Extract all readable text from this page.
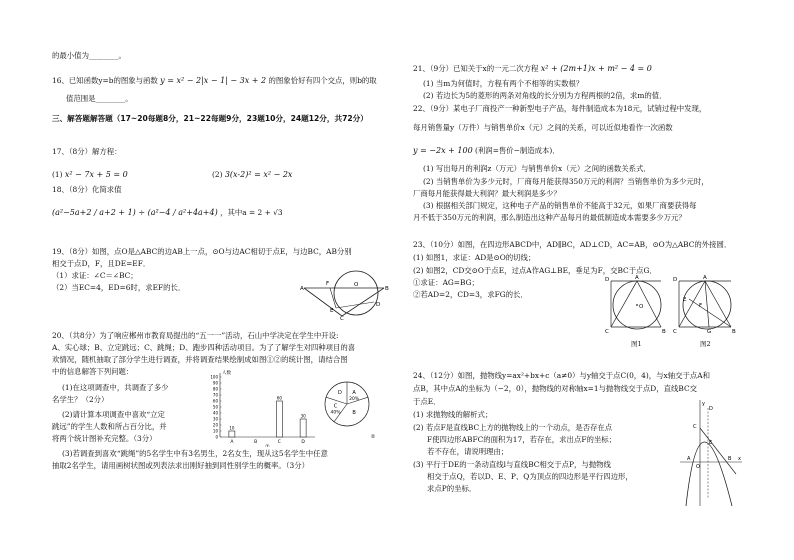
的最小值为________。
16、已知函数y=b的图象与函数 y = x² − 2|x − 1| − 3x + 2 的图象恰好有四个交点，则b的取
值范围是________。
三、解答题解答题（17~20每题8分，21~22每题9分，23题10分，24题12分，共72分）
17、（8分）解方程：
(1) x² − 7x + 5 = 0	(2) 3(x-2)² = x² − 2x
18、（8分）化简求值
(a²−5a+2 / a+2 + 1) ÷ (a²−4 / a²+4a+4) ，其中a = 2 + √3
19、（8分）如图，点O是△ABC的边AB上一点，⊙O与边AC相切于点E，与边BC，AB分别
相交于点D，F，且DE=EF．
（1）求证：∠C＝∠BC；
（2）当EC=4，ED=6时，求EF的长．	A
F	O
B
E
D
C
20、（共8分）为了响应郴州市教育局提出的“五一一”活动，石山中学决定在学生中开设:
A、实心球；B、立定跳远；C、跳绳；D、跑步四种活动项目。为了了解学生对四种项目的喜
欢情况，随机抽取了部分学生进行调查，并将调查结果绘制成如图①②的统计图，请结合图
中的信息解答下列问题：
(1)在这项调查中，共调查了多少
名学生？（2分）
(2)请计算本项调查中喜欢“立定
跳远”的学生人数和所占百分比，并
将两个统计图补充完整。（3分）
(3)若调查到喜欢“跳绳”的5名学生中有3名男生，2名女生，现从这5名学生中任意
抽取2名学生，请用画树状图或列表法求出刚好抽到同性别学生的概率。（3分）
人数
0
10
20
30
40
50
60
70
80
90
100
10
A	B
60
C
30
D
①
A
20%
B
C
40%
D
②
21、（9分）已知关于x的一元二次方程 x² + (2m+1)x + m² − 4 = 0
(1) 当m为何值时，方程有两个不相等的实数根？
(2) 若边长为5的菱形的两条对角线的长分别为方程两根的2倍，求m的值．
22、（9分）某电子厂商投产一种新型电子产品，每件制造成本为18元，试销过程中发现，
每月销售量y（万件）与销售单价x（元）之间的关系，可以近似地看作一次函数
y = −2x + 100 (利润=售价−制造成本)．
(1) 写出每月的利润z（万元）与销售单价x（元）之间的函数关系式．
(2) 当销售单价为多少元时，厂商每月能获得350万元的利润？当销售单价为多少元时，
厂商每月能获得最大利润？最大利润是多少？
(3) 根据相关部门规定，这种电子产品的销售单价不能高于32元，如果厂商要获得每
月不低于350万元的利润，那么制造出这种产品每月的最低制造成本需要多少万元？
23、（10分）如图，在四边形ABCD中，AD∥BC，AD⊥CD，AC=AB，⊙O为△ABC的外接圆．
(1) 如图1，求证：AD是⊙O的切线；
(2) 如图2，CD交⊙O于点E，过点A作AG⊥BE，垂足为F，交BC于点G．
①求证：AG=BG；
②若AD=2，CD=3，求FG的长．
D	A
O
C	B
D	A
E
F
C	G	B
图1	图2
24、（12分）如图，抛物线y=ax²+bx+c（a≠0）与y轴交于点C(0，4)，与x轴交于点A和
点B，其中点A的坐标为（−2，0），抛物线的对称轴x=1与抛物线交于点D，直线BC交
于点E．
(1) 求抛物线的解析式；
(2) 若点F是直线BC上方的抛物线上的一个动点，是否存在点
F使四边形ABFC的面积为17，若存在，求出点F的坐标；
若不存在，请说明理由；
(3) 平行于DE的一条动直线l与直线BC相交于点P，与抛物线
相交于点Q，若以D、E、P、Q为顶点的四边形是平行四边形，
求点P的坐标．
y
x
A
O
B
C
D
E
